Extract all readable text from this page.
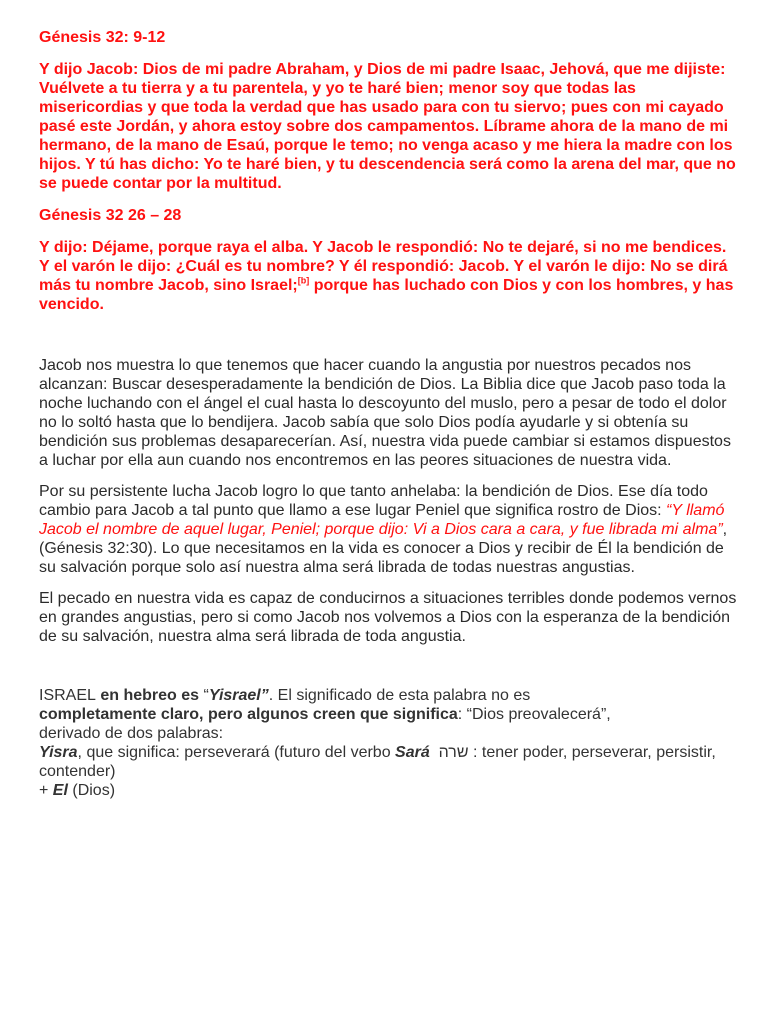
Génesis 32: 9-12
Y dijo Jacob: Dios de mi padre Abraham, y Dios de mi padre Isaac, Jehová, que me dijiste: Vuélvete a tu tierra y a tu parentela, y yo te haré bien; menor soy que todas las misericordias y que toda la verdad que has usado para con tu siervo; pues con mi cayado pasé este Jordán, y ahora estoy sobre dos campamentos. Líbrame ahora de la mano de mi hermano, de la mano de Esaú, porque le temo; no venga acaso y me hiera la madre con los hijos. Y tú has dicho: Yo te haré bien, y tu descendencia será como la arena del mar, que no se puede contar por la multitud.
Génesis 32 26 – 28
Y dijo: Déjame, porque raya el alba. Y Jacob le respondió: No te dejaré, si no me bendices. Y el varón le dijo: ¿Cuál es tu nombre? Y él respondió: Jacob. Y el varón le dijo: No se dirá más tu nombre Jacob, sino Israel;[b] porque has luchado con Dios y con los hombres, y has vencido.
Jacob nos muestra lo que tenemos que hacer cuando la angustia por nuestros pecados nos alcanzan: Buscar desesperadamente la bendición de Dios. La Biblia dice que Jacob paso toda la noche luchando con el ángel el cual hasta lo descoyunto del muslo, pero a pesar de todo el dolor no lo soltó hasta que lo bendijera. Jacob sabía que solo Dios podía ayudarle y si obtenía su bendición sus problemas desaparecerían. Así, nuestra vida puede cambiar si estamos dispuestos a luchar por ella aun cuando nos encontremos en las peores situaciones de nuestra vida.
Por su persistente lucha Jacob logro lo que tanto anhelaba: la bendición de Dios. Ese día todo cambio para Jacob a tal punto que llamo a ese lugar Peniel que significa rostro de Dios: “Y llamó Jacob el nombre de aquel lugar, Peniel; porque dijo: Vi a Dios cara a cara, y fue librada mi alma”, (Génesis 32:30). Lo que necesitamos en la vida es conocer a Dios y recibir de Él la bendición de su salvación porque solo así nuestra alma será librada de todas nuestras angustias.
El pecado en nuestra vida es capaz de conducirnos a situaciones terribles donde podemos vernos en grandes angustias, pero si como Jacob nos volvemos a Dios con la esperanza de la bendición de su salvación, nuestra alma será librada de toda angustia.
ISRAEL en hebreo es “Yisrael”. El significado de esta palabra no es
completamente claro, pero algunos creen que significa: “Dios preovalecerá”,
derivado de dos palabras:
Yisra, que significa: perseverará (futuro del verbo Sará שרה : tener poder, perseverar, persistir, contender)
+ El (Dios)
